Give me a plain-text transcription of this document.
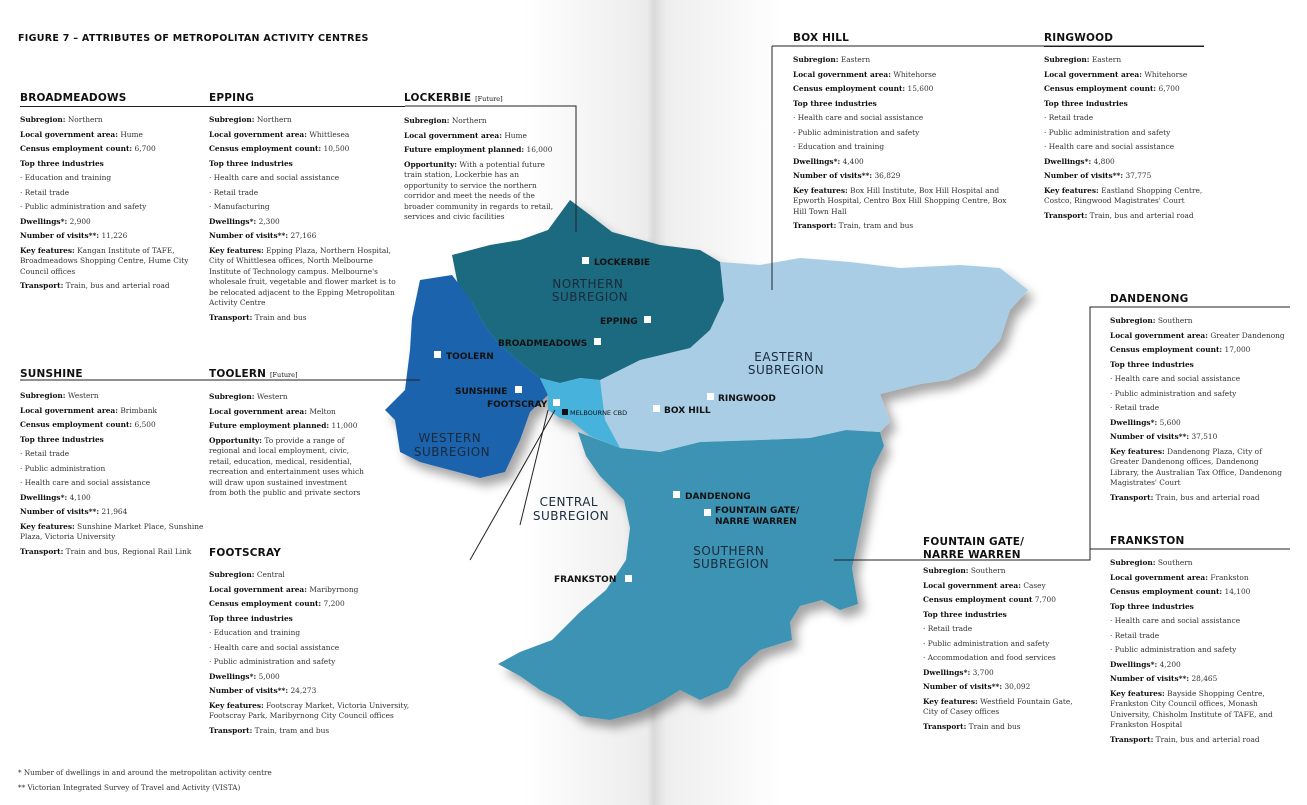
FIGURE 7 – ATTRIBUTES OF METROPOLITAN ACTIVITY CENTRES
NORTHERN SUBREGION
EASTERN SUBREGION
WESTERN SUBREGION
CENTRAL SUBREGION
SOUTHERN SUBREGION
LOCKERBIE
EPPING
BROADMEADOWS
TOOLERN
SUNSHINE
FOOTSCRAY
MELBOURNE CBD
RINGWOOD
BOX HILL
DANDENONG
FOUNTAIN GATE/
NARRE WARREN
FRANKSTON
BROADMEADOWS
Subregion: Northern
Local government area: Hume
Census employment count: 6,700
Top three industries
· Education and training
· Retail trade
· Public administration and safety
Dwellings*: 2,900
Number of visits**: 11,226
Key features: Kangan Institute of TAFE, Broadmeadows Shopping Centre, Hume City Council offices
Transport: Train, bus and arterial road
EPPING
Subregion: Northern
Local government area: Whittlesea
Census employment count: 10,500
Top three industries
· Health care and social assistance
· Retail trade
· Manufacturing
Dwellings*: 2,300
Number of visits**: 27,166
Key features: Epping Plaza, Northern Hospital, City of Whittlesea offices, North Melbourne Institute of Technology campus. Melbourne's wholesale fruit, vegetable and flower market is to be relocated adjacent to the Epping Metropolitan Activity Centre
Transport: Train and bus
LOCKERBIE [Future]
Subregion: Northern
Local government area: Hume
Future employment planned: 16,000
Opportunity: With a potential future train station, Lockerbie has an opportunity to service the northern corridor and meet the needs of the broader community in regards to retail, services and civic facilities
SUNSHINE
Subregion: Western
Local government area: Brimbank
Census employment count: 6,500
Top three industries
· Retail trade
· Public administration
· Health care and social assistance
Dwellings*: 4,100
Number of visits**: 21,964
Key features: Sunshine Market Place, Sunshine Plaza, Victoria University
Transport: Train and bus, Regional Rail Link
TOOLERN [Future]
Subregion: Western
Local government area: Melton
Future employment planned: 11,000
Opportunity: To provide a range of regional and local employment, civic, retail, education, medical, residential, recreation and entertainment uses which will draw upon sustained investment from both the public and private sectors
FOOTSCRAY
Subregion: Central
Local government area: Maribyrnong
Census employment count: 7,200
Top three industries
· Education and training
· Health care and social assistance
· Public administration and safety
Dwellings*: 5,000
Number of visits**: 24,273
Key features: Footscray Market, Victoria University, Footscray Park, Maribyrnong City Council offices
Transport: Train, tram and bus
BOX HILL
Subregion: Eastern
Local government area: Whitehorse
Census employment count: 15,600
Top three industries
· Health care and social assistance
· Public administration and safety
· Education and training
Dwellings*: 4,400
Number of visits**: 36,829
Key features: Box Hill Institute, Box Hill Hospital and Epworth Hospital, Centro Box Hill Shopping Centre, Box Hill Town Hall
Transport: Train, tram and bus
RINGWOOD
Subregion: Eastern
Local government area: Whitehorse
Census employment count: 6,700
Top three industries
· Retail trade
· Public administration and safety
· Health care and social assistance
Dwellings*: 4,800
Number of visits**: 37,775
Key features: Eastland Shopping Centre, Costco, Ringwood Magistrates' Court
Transport: Train, bus and arterial road
DANDENONG
Subregion: Southern
Local government area: Greater Dandenong
Census employment count: 17,000
Top three industries
· Health care and social assistance
· Public administration and safety
· Retail trade
Dwellings*: 5,600
Number of visits**: 37,510
Key features: Dandenong Plaza, City of Greater Dandenong offices, Dandenong Library, the Australian Tax Office, Dandenong Magistrates' Court
Transport: Train, bus and arterial road
FOUNTAIN GATE/
NARRE WARREN
Subregion: Southern
Local government area: Casey
Census employment count 7,700
Top three industries
· Retail trade
· Public administration and safety
· Accommodation and food services
Dwellings*: 3,700
Number of visits**: 30,092
Key features: Westfield Fountain Gate, City of Casey offices
Transport: Train and bus
FRANKSTON
Subregion: Southern
Local government area: Frankston
Census employment count: 14,100
Top three industries
· Health care and social assistance
· Retail trade
· Public administration and safety
Dwellings*: 4,200
Number of visits**: 28,465
Key features: Bayside Shopping Centre, Frankston City Council offices, Monash University, Chisholm Institute of TAFE, and Frankston Hospital
Transport: Train, bus and arterial road
* Number of dwellings in and around the metropolitan activity centre
** Victorian Integrated Survey of Travel and Activity (VISTA)
